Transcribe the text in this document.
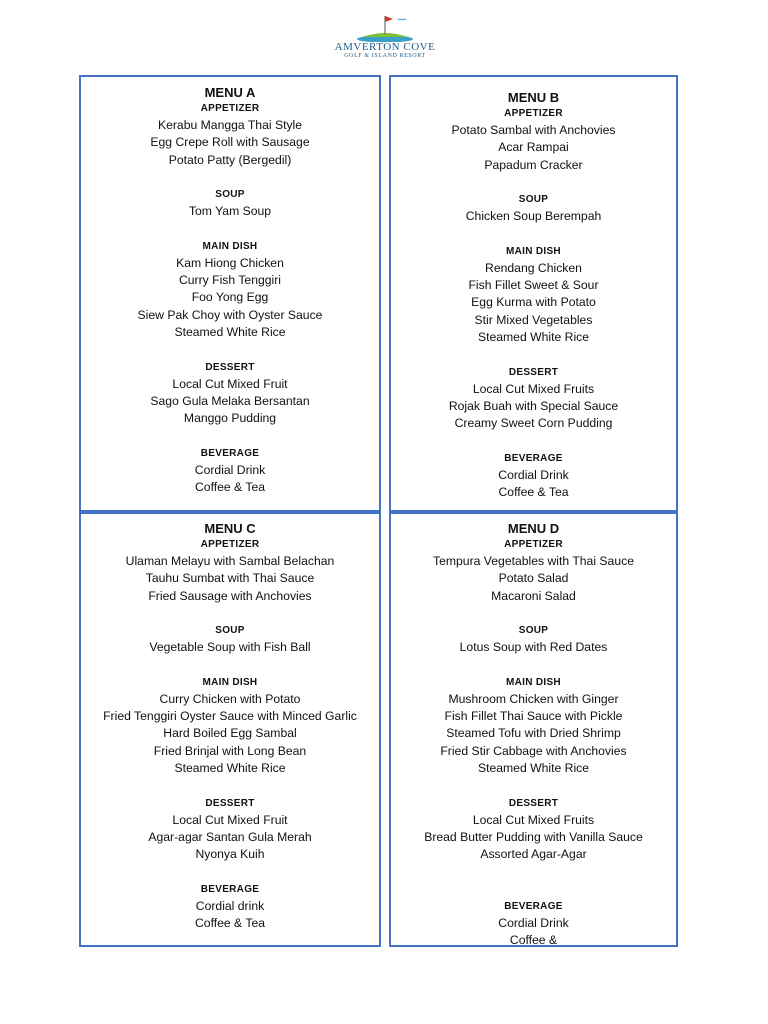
AMVERTON COVE
GOLF & ISLAND RESORT
MENU A
APPETIZER
Kerabu Mangga Thai Style
Egg Crepe Roll with Sausage
Potato Patty (Bergedil)
SOUP
Tom Yam Soup
MAIN DISH
Kam Hiong Chicken
Curry Fish Tenggiri
Foo Yong Egg
Siew Pak Choy with Oyster Sauce
Steamed White Rice
DESSERT
Local Cut Mixed Fruit
Sago Gula Melaka Bersantan
Manggo Pudding
BEVERAGE
Cordial Drink
Coffee & Tea
MENU B
APPETIZER
Potato Sambal with Anchovies
Acar Rampai
Papadum Cracker
SOUP
Chicken Soup Berempah
MAIN DISH
Rendang Chicken
Fish Fillet Sweet & Sour
Egg Kurma with Potato
Stir Mixed Vegetables
Steamed White Rice
DESSERT
Local Cut Mixed Fruits
Rojak Buah with Special Sauce
Creamy Sweet Corn Pudding
BEVERAGE
Cordial Drink
Coffee & Tea
MENU C
APPETIZER
Ulaman Melayu with Sambal Belachan
Tauhu Sumbat with Thai Sauce
Fried Sausage with Anchovies
SOUP
Vegetable Soup with Fish Ball
MAIN DISH
Curry Chicken with Potato
Fried Tenggiri Oyster Sauce with Minced Garlic
Hard Boiled Egg Sambal
Fried Brinjal with Long Bean
Steamed White Rice
DESSERT
Local Cut Mixed Fruit
Agar-agar Santan Gula Merah
Nyonya Kuih
BEVERAGE
Cordial drink
Coffee & Tea
MENU D
APPETIZER
Tempura Vegetables with Thai Sauce
Potato Salad
Macaroni Salad
SOUP
Lotus Soup with Red Dates
MAIN DISH
Mushroom Chicken with Ginger
Fish Fillet Thai Sauce with Pickle
Steamed Tofu with Dried Shrimp
Fried Stir Cabbage with Anchovies
Steamed White Rice
DESSERT
Local Cut Mixed Fruits
Bread Butter Pudding with Vanilla Sauce
Assorted Agar-Agar
BEVERAGE
Cordial Drink
Coffee &
